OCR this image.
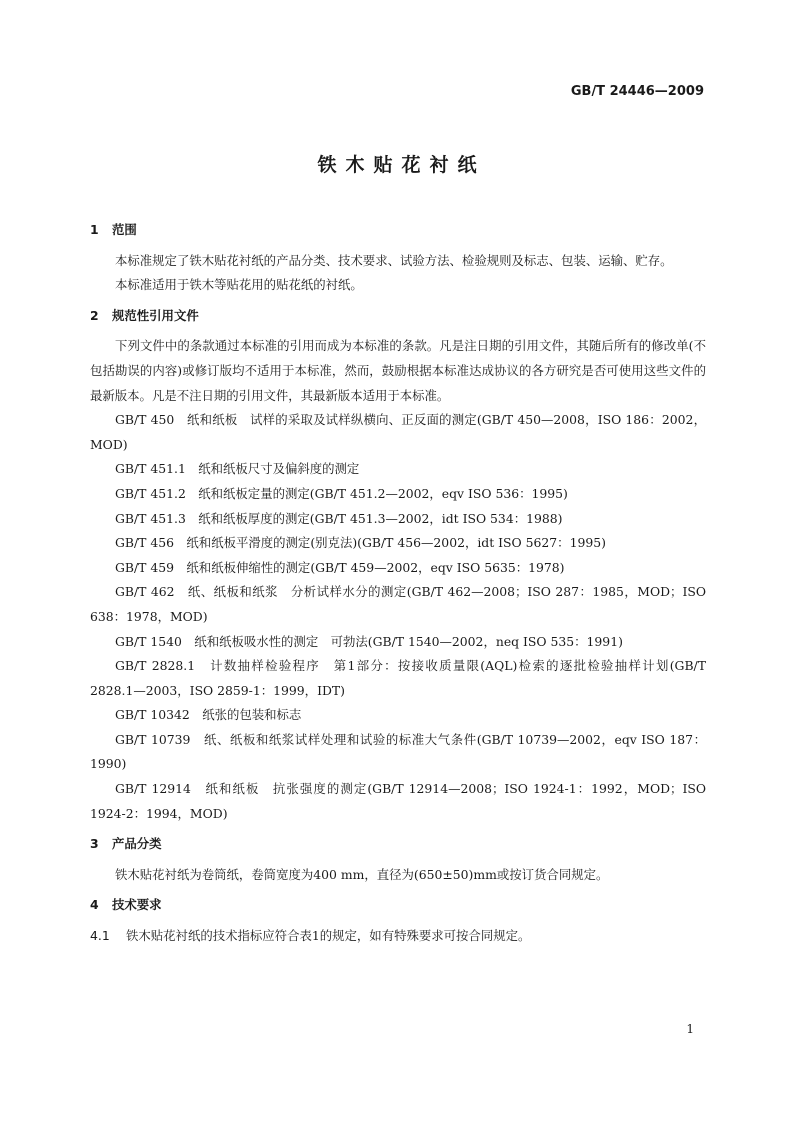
GB/T 24446—2009
铁木贴花衬纸
1	范围
本标准规定了铁木贴花衬纸的产品分类、技术要求、试验方法、检验规则及标志、包装、运输、贮存。
本标准适用于铁木等贴花用的贴花纸的衬纸。
2	规范性引用文件
下列文件中的条款通过本标准的引用而成为本标准的条款。凡是注日期的引用文件，其随后所有的修改单(不包括勘误的内容)或修订版均不适用于本标准，然而，鼓励根据本标准达成协议的各方研究是否可使用这些文件的最新版本。凡是不注日期的引用文件，其最新版本适用于本标准。
GB/T 450　纸和纸板　试样的采取及试样纵横向、正反面的测定(GB/T 450—2008，ISO 186：2002，MOD)
GB/T 451.1　纸和纸板尺寸及偏斜度的测定
GB/T 451.2　纸和纸板定量的测定(GB/T 451.2—2002，eqv ISO 536：1995)
GB/T 451.3　纸和纸板厚度的测定(GB/T 451.3—2002，idt ISO 534：1988)
GB/T 456　纸和纸板平滑度的测定(别克法)(GB/T 456—2002，idt ISO 5627：1995)
GB/T 459　纸和纸板伸缩性的测定(GB/T 459—2002，eqv ISO 5635：1978)
GB/T 462　纸、纸板和纸浆　分析试样水分的测定(GB/T 462—2008；ISO 287：1985，MOD；ISO 638：1978，MOD)
GB/T 1540　纸和纸板吸水性的测定　可勃法(GB/T 1540—2002，neq ISO 535：1991)
GB/T 2828.1　计数抽样检验程序　第1部分：按接收质量限(AQL)检索的逐批检验抽样计划(GB/T 2828.1—2003，ISO 2859-1：1999，IDT)
GB/T 10342　纸张的包装和标志
GB/T 10739　纸、纸板和纸浆试样处理和试验的标准大气条件(GB/T 10739—2002，eqv ISO 187：1990)
GB/T 12914　纸和纸板　抗张强度的测定(GB/T 12914—2008；ISO 1924-1：1992，MOD；ISO 1924-2：1994，MOD)
3	产品分类
铁木贴花衬纸为卷筒纸，卷筒宽度为400 mm，直径为(650±50)mm或按订货合同规定。
4	技术要求
4.1	铁木贴花衬纸的技术指标应符合表1的规定，如有特殊要求可按合同规定。
1
